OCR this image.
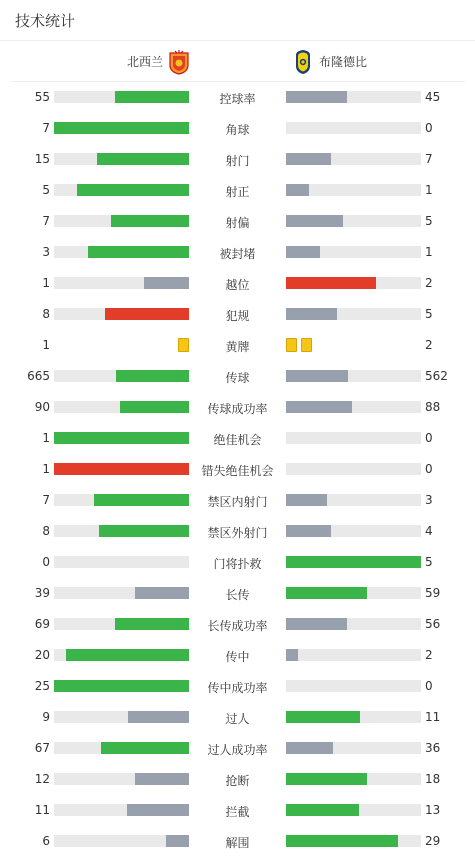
技术统计
北西兰	布隆德比
55	控球率	45
7	角球	0
15	射门	7
5	射正	1
7	射偏	5
3	被封堵	1
1	越位	2
8	犯规	5
1	黄牌	2
665	传球	562
90	传球成功率	88
1	绝佳机会	0
1	错失绝佳机会	0
7	禁区内射门	3
8	禁区外射门	4
0	门将扑救	5
39	长传	59
69	长传成功率	56
20	传中	2
25	传中成功率	0
9	过人	11
67	过人成功率	36
12	抢断	18
11	拦截	13
6	解围	29
